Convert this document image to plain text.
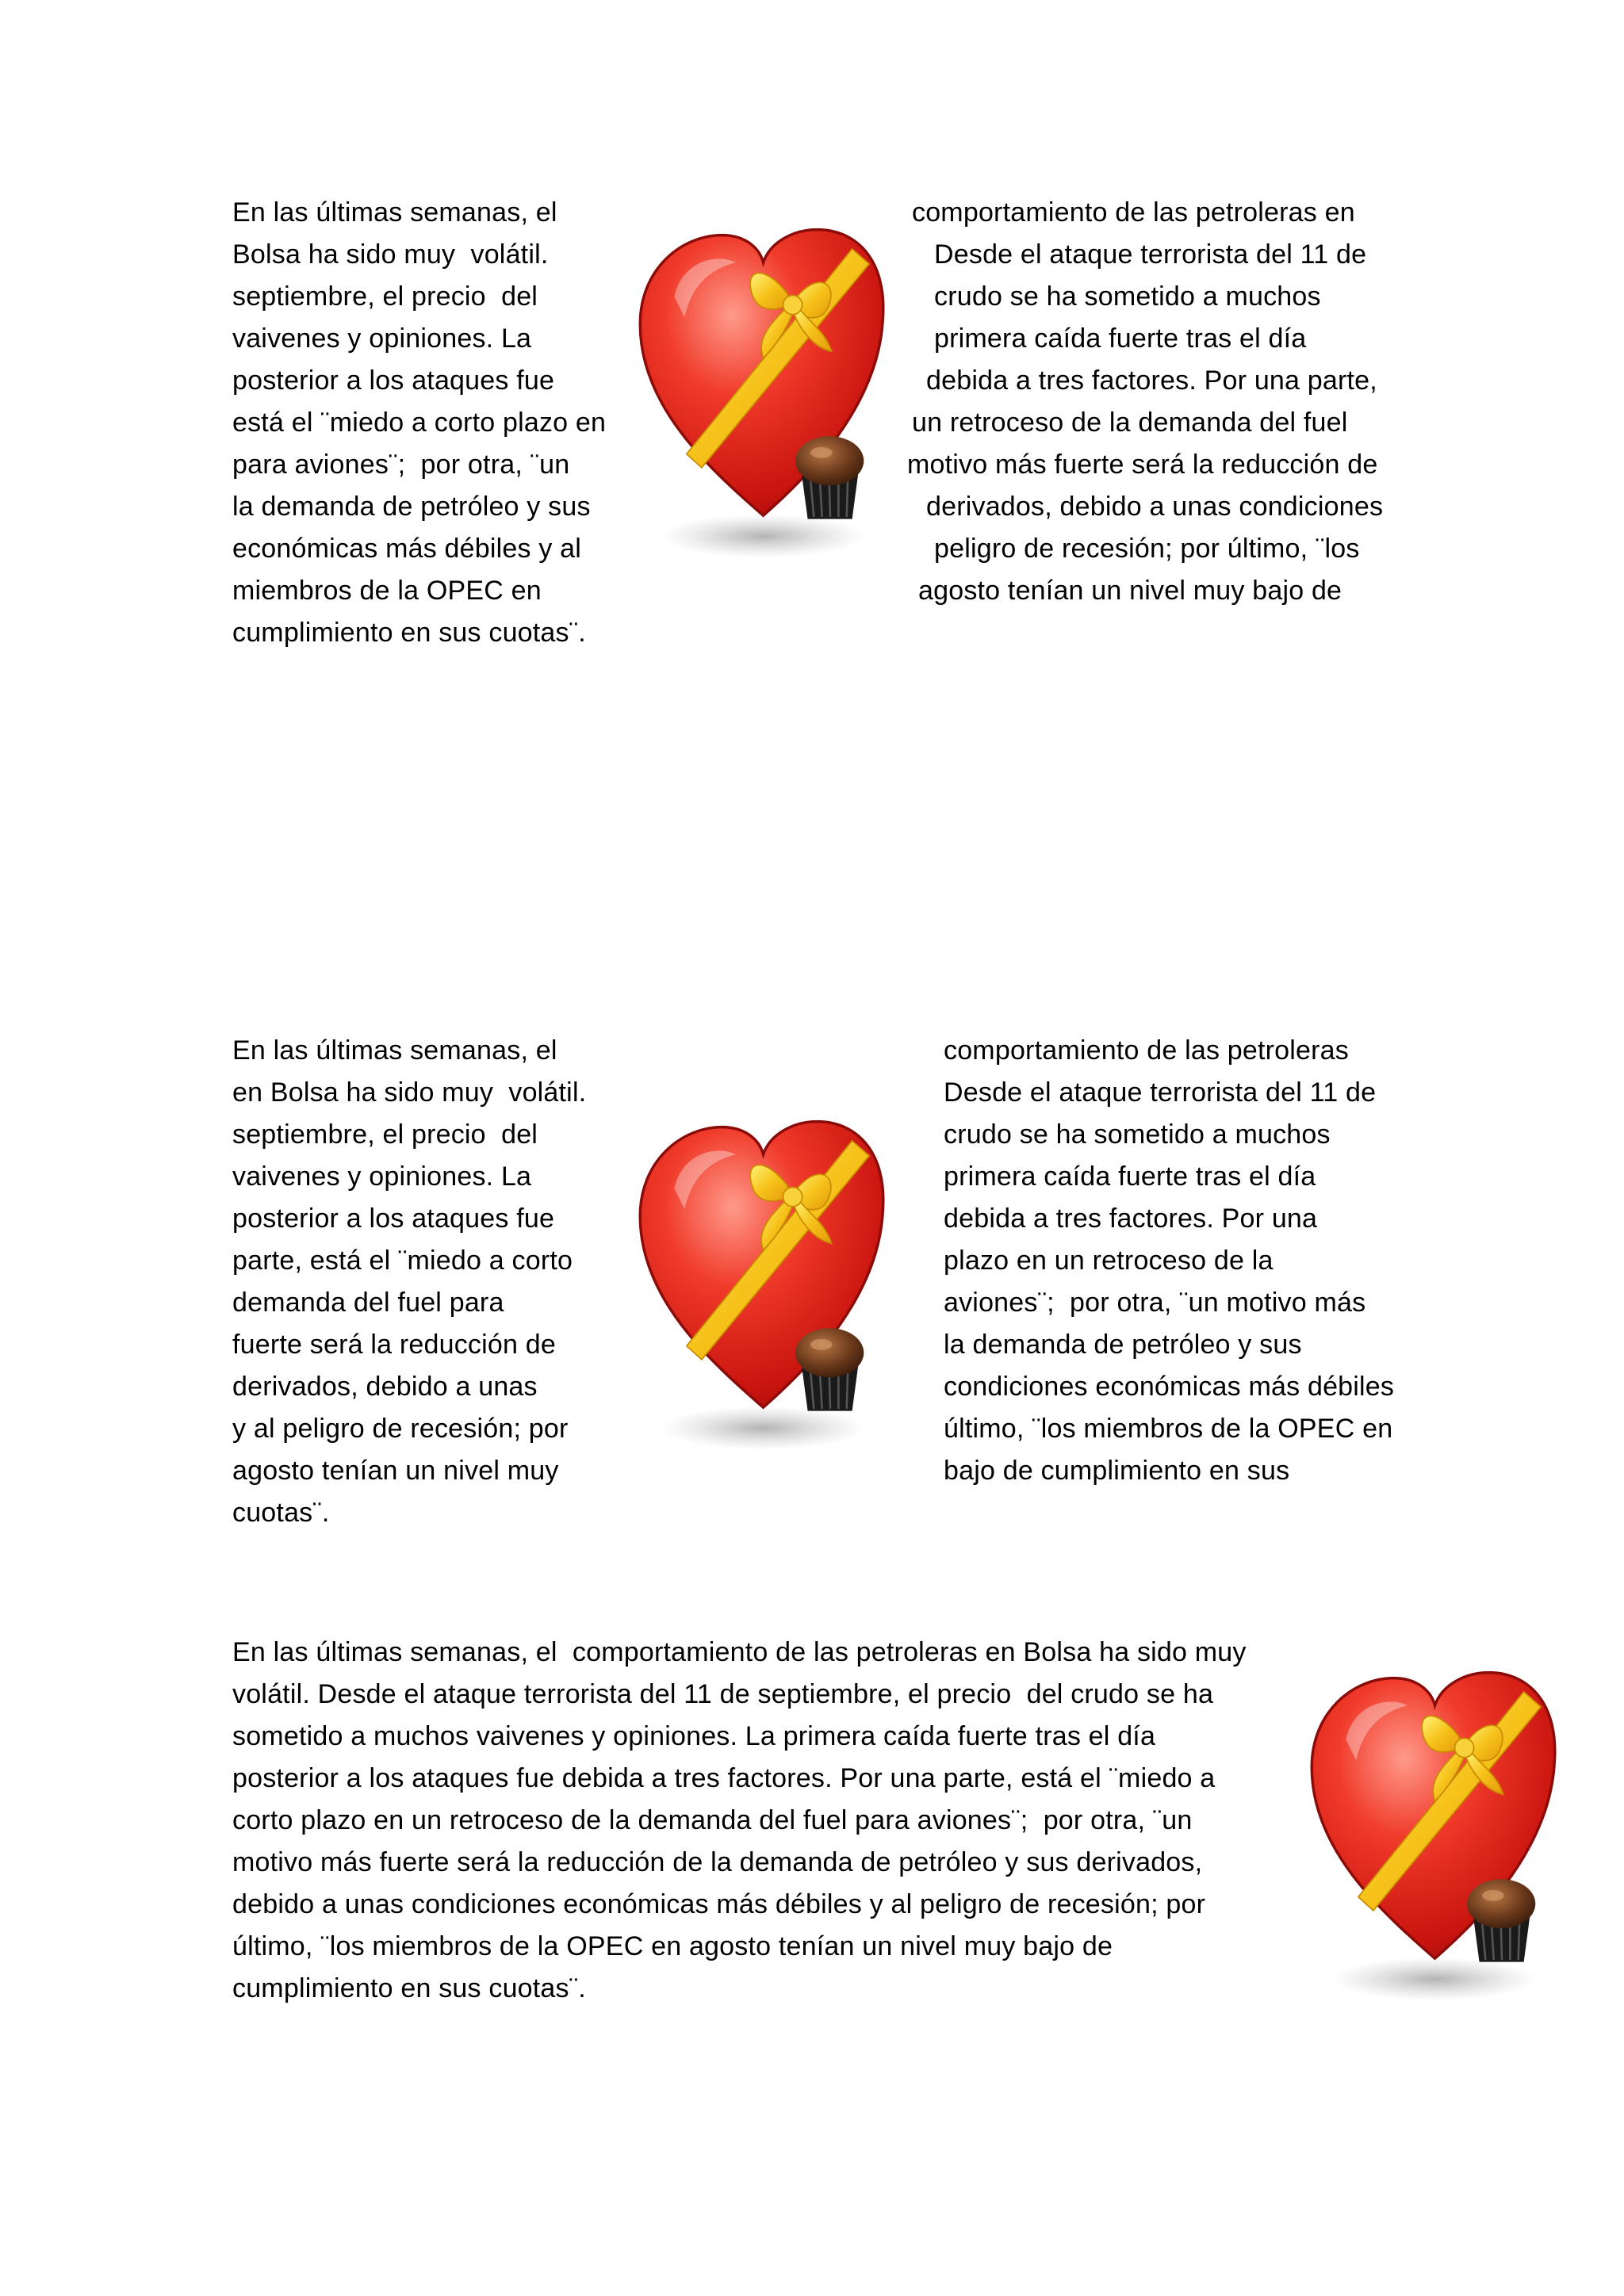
En las últimas semanas, el
Bolsa ha sido muy  volátil.
septiembre, el precio  del
vaivenes y opiniones. La
posterior a los ataques fue
está el ¨miedo a corto plazo en
para aviones¨;  por otra, ¨un
la demanda de petróleo y sus
económicas más débiles y al
miembros de la OPEC en
cumplimiento en sus cuotas¨.
comportamiento de las petroleras en
Desde el ataque terrorista del 11 de
crudo se ha sometido a muchos
primera caída fuerte tras el día
debida a tres factores. Por una parte,
un retroceso de la demanda del fuel
motivo más fuerte será la reducción de
derivados, debido a unas condiciones
peligro de recesión; por último, ¨los
agosto tenían un nivel muy bajo de
En las últimas semanas, el
en Bolsa ha sido muy  volátil.
septiembre, el precio  del
vaivenes y opiniones. La
posterior a los ataques fue
parte, está el ¨miedo a corto
demanda del fuel para
fuerte será la reducción de
derivados, debido a unas
y al peligro de recesión; por
agosto tenían un nivel muy
cuotas¨.
comportamiento de las petroleras
Desde el ataque terrorista del 11 de
crudo se ha sometido a muchos
primera caída fuerte tras el día
debida a tres factores. Por una
plazo en un retroceso de la
aviones¨;  por otra, ¨un motivo más
la demanda de petróleo y sus
condiciones económicas más débiles
último, ¨los miembros de la OPEC en
bajo de cumplimiento en sus
En las últimas semanas, el  comportamiento de las petroleras en Bolsa ha sido muy
volátil. Desde el ataque terrorista del 11 de septiembre, el precio  del crudo se ha
sometido a muchos vaivenes y opiniones. La primera caída fuerte tras el día
posterior a los ataques fue debida a tres factores. Por una parte, está el ¨miedo a
corto plazo en un retroceso de la demanda del fuel para aviones¨;  por otra, ¨un
motivo más fuerte será la reducción de la demanda de petróleo y sus derivados,
debido a unas condiciones económicas más débiles y al peligro de recesión; por
último, ¨los miembros de la OPEC en agosto tenían un nivel muy bajo de
cumplimiento en sus cuotas¨.
